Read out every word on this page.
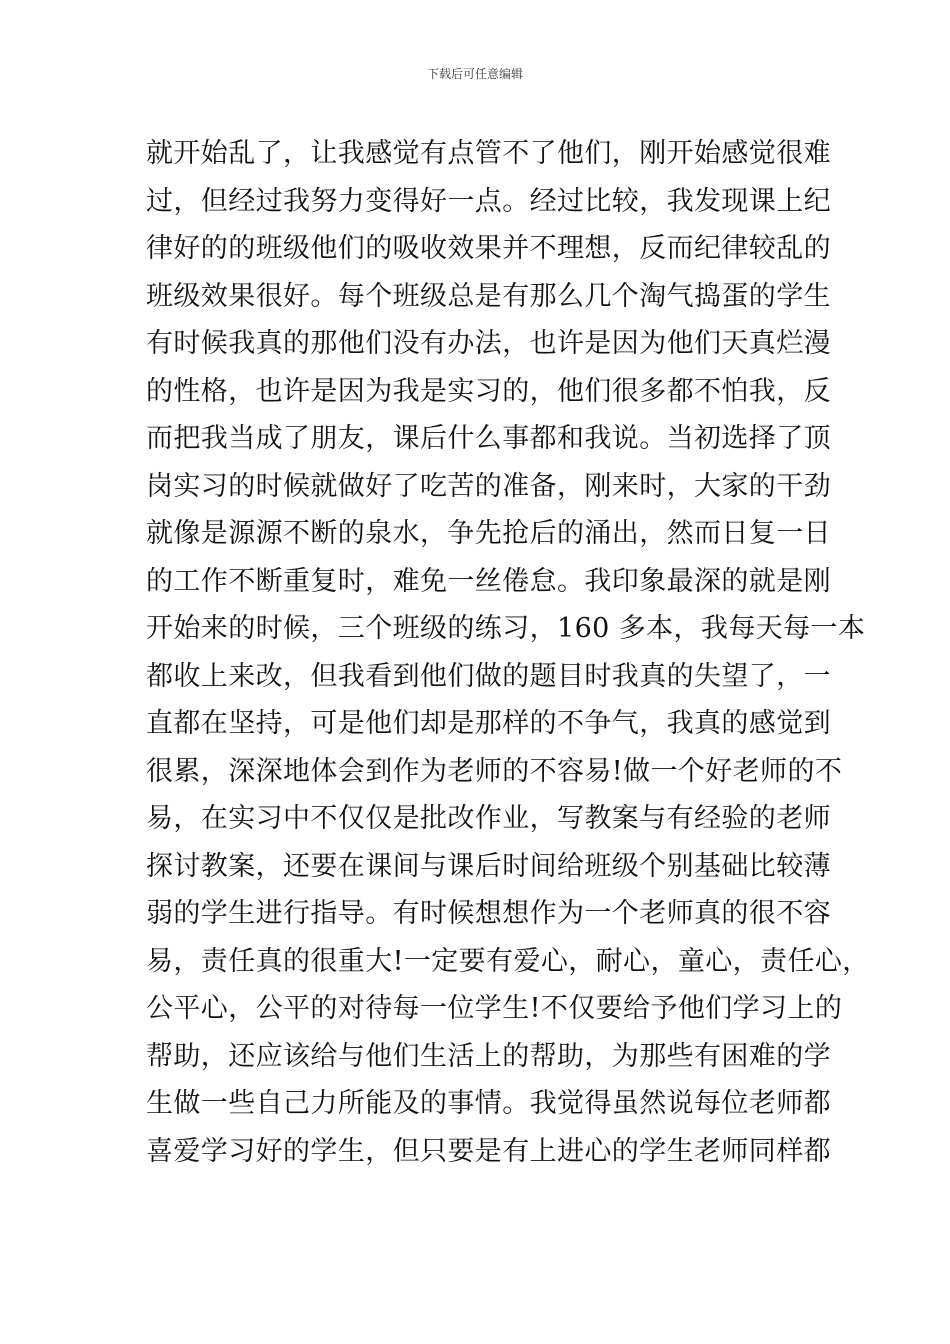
下载后可任意编辑
就开始乱了，让我感觉有点管不了他们，刚开始感觉很难
过，但经过我努力变得好一点。经过比较，我发现课上纪
律好的的班级他们的吸收效果并不理想，反而纪律较乱的
班级效果很好。每个班级总是有那么几个淘气捣蛋的学生
有时候我真的那他们没有办法，也许是因为他们天真烂漫
的性格，也许是因为我是实习的，他们很多都不怕我，反
而把我当成了朋友，课后什么事都和我说。当初选择了顶
岗实习的时候就做好了吃苦的准备，刚来时，大家的干劲
就像是源源不断的泉水，争先抢后的涌出，然而日复一日
的工作不断重复时，难免一丝倦怠。我印象最深的就是刚
开始来的时候，三个班级的练习，160 多本，我每天每一本
都收上来改，但我看到他们做的题目时我真的失望了，一
直都在坚持，可是他们却是那样的不争气，我真的感觉到
很累，深深地体会到作为老师的不容易!做一个好老师的不
易，在实习中不仅仅是批改作业，写教案与有经验的老师
探讨教案，还要在课间与课后时间给班级个别基础比较薄
弱的学生进行指导。有时候想想作为一个老师真的很不容
易，责任真的很重大!一定要有爱心，耐心，童心，责任心，
公平心，公平的对待每一位学生!不仅要给予他们学习上的
帮助，还应该给与他们生活上的帮助，为那些有困难的学
生做一些自己力所能及的事情。我觉得虽然说每位老师都
喜爱学习好的学生，但只要是有上进心的学生老师同样都
